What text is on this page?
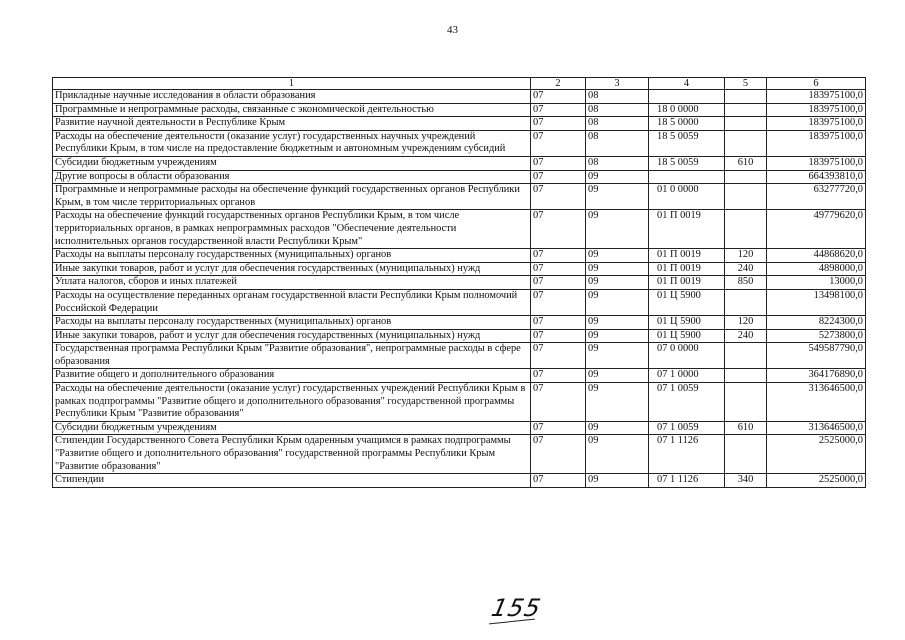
43
1	2	3	4	5	6
Прикладные научные исследования в области образования	07	08			183975100,0
Программные и непрограммные расходы, связанные с экономической деятельностью	07	08	18 0 0000		183975100,0
Развитие научной деятельности в Республике Крым	07	08	18 5 0000		183975100,0
Расходы на обеспечение деятельности (оказание услуг) государственных научных учреждений Республики Крым, в том числе на предоставление бюджетным и автономным учреждениям субсидий	07	08	18 5 0059		183975100,0
Субсидии бюджетным учреждениям	07	08	18 5 0059	610	183975100,0
Другие вопросы в области образования	07	09			664393810,0
Программные и непрограммные расходы на обеспечение функций государственных органов Республики Крым, в том числе территориальных органов	07	09	01 0 0000		63277720,0
Расходы на обеспечение функций государственных органов Республики Крым, в том числе территориальных органов, в рамках непрограммных расходов "Обеспечение деятельности исполнительных органов государственной власти Республики Крым"	07	09	01 П 0019		49779620,0
Расходы на выплаты персоналу государственных (муниципальных) органов	07	09	01 П 0019	120	44868620,0
Иные закупки товаров, работ и услуг для обеспечения государственных (муниципальных) нужд	07	09	01 П 0019	240	4898000,0
Уплата налогов, сборов и иных платежей	07	09	01 П 0019	850	13000,0
Расходы на осуществление переданных органам государственной власти Республики Крым полномочий Российской Федерации	07	09	01 Ц 5900		13498100,0
Расходы на выплаты персоналу государственных (муниципальных) органов	07	09	01 Ц 5900	120	8224300,0
Иные закупки товаров, работ и услуг для обеспечения государственных (муниципальных) нужд	07	09	01 Ц 5900	240	5273800,0
Государственная программа Республики Крым "Развитие образования", непрограммные расходы в сфере образования	07	09	07 0 0000		549587790,0
Развитие общего и дополнительного образования	07	09	07 1 0000		364176890,0
Расходы на обеспечение деятельности (оказание услуг) государственных учреждений Республики Крым в рамках подпрограммы "Развитие общего и дополнительного образования" государственной программы Республики Крым "Развитие образования"	07	09	07 1 0059		313646500,0
Субсидии бюджетным учреждениям	07	09	07 1 0059	610	313646500,0
Стипендии Государственного Совета Республики Крым одаренным учащимся в рамках подпрограммы "Развитие общего и дополнительного образования" государственной программы Республики Крым "Развитие образования"	07	09	07 1 1126		2525000,0
Стипендии	07	09	07 1 1126	340	2525000,0
155
